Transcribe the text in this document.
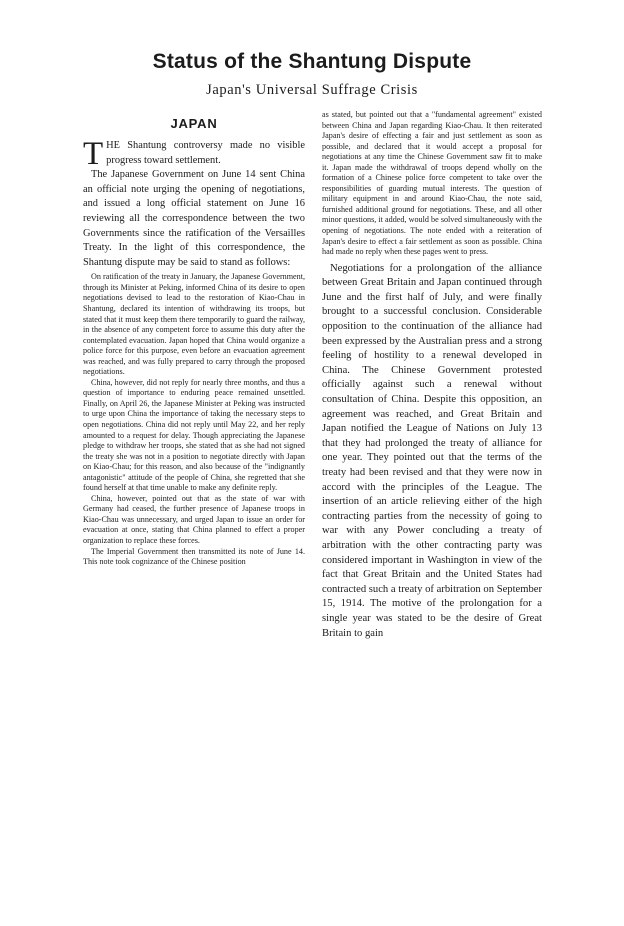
Status of the Shantung Dispute
Japan's Universal Suffrage Crisis
JAPAN

THE Shantung controversy made no visible progress toward settlement.

The Japanese Government on June 14 sent China an official note urging the opening of negotiations, and issued a long official statement on June 16 reviewing all the correspondence between the two Governments since the ratification of the Versailles Treaty. In the light of this correspondence, the Shantung dispute may be said to stand as follows:

On ratification of the treaty in January, the Japanese Government, through its Minister at Peking, informed China of its desire to open negotiations devised to lead to the restoration of Kiao-Chau in Shantung, declared its intention of withdrawing its troops, but stated that it must keep them there temporarily to guard the railway, in the absence of any competent force to assume this duty after the contemplated evacuation. Japan hoped that China would organize a police force for this purpose, even before an evacuation agreement was reached, and was fully prepared to carry through the proposed negotiations.

China, however, did not reply for nearly three months, and thus a question of importance to enduring peace remained unsettled. Finally, on April 26, the Japanese Minister at Peking was instructed to urge upon China the importance of taking the necessary steps to open negotiations. China did not reply until May 22, and her reply amounted to a request for delay. Though appreciating the Japanese pledge to withdraw her troops, she stated that as she had not signed the treaty she was not in a position to negotiate directly with Japan on Kiao-Chau; for this reason, and also because of the "indignantly antagonistic" attitude of the people of China, she regretted that she found herself at that time unable to make any definite reply.

China, however, pointed out that as the state of war with Germany had ceased, the further presence of Japanese troops in Kiao-Chau was unnecessary, and urged Japan to issue an order for evacuation at once, stating that China planned to effect a proper organization to replace these forces.

The Imperial Government then transmitted its note of June 14. This note took cognizance of the Chinese position

as stated, but pointed out that a "fundamental agreement" existed between China and Japan regarding Kiao-Chau. It then reiterated Japan's desire of effecting a fair and just settlement as soon as possible, and declared that it would accept a proposal for negotiations at any time the Chinese Government saw fit to make it. Japan made the withdrawal of troops depend wholly on the formation of a Chinese police force competent to take over the responsibilities of guarding mutual interests. The question of military equipment in and around Kiao-Chau, the note said, furnished additional ground for negotiations. These, and all other minor questions, it added, would be solved simultaneously with the opening of negotiations. The note ended with a reiteration of Japan's desire to effect a fair settlement as soon as possible. China had made no reply when these pages went to press.

Negotiations for a prolongation of the alliance between Great Britain and Japan continued through June and the first half of July, and were finally brought to a successful conclusion. Considerable opposition to the continuation of the alliance had been expressed by the Australian press and a strong feeling of hostility to a renewal developed in China. The Chinese Government protested officially against such a renewal without consultation of China. Despite this opposition, an agreement was reached, and Great Britain and Japan notified the League of Nations on July 13 that they had prolonged the treaty of alliance for one year. They pointed out that the terms of the treaty had been revised and that they were now in accord with the principles of the League. The insertion of an article relieving either of the high contracting parties from the necessity of going to war with any Power concluding a treaty of arbitration with the other contracting party was considered important in Washington in view of the fact that Great Britain and the United States had contracted such a treaty of arbitration on September 15, 1914. The motive of the prolongation for a single year was stated to be the desire of Great Britain to gain
